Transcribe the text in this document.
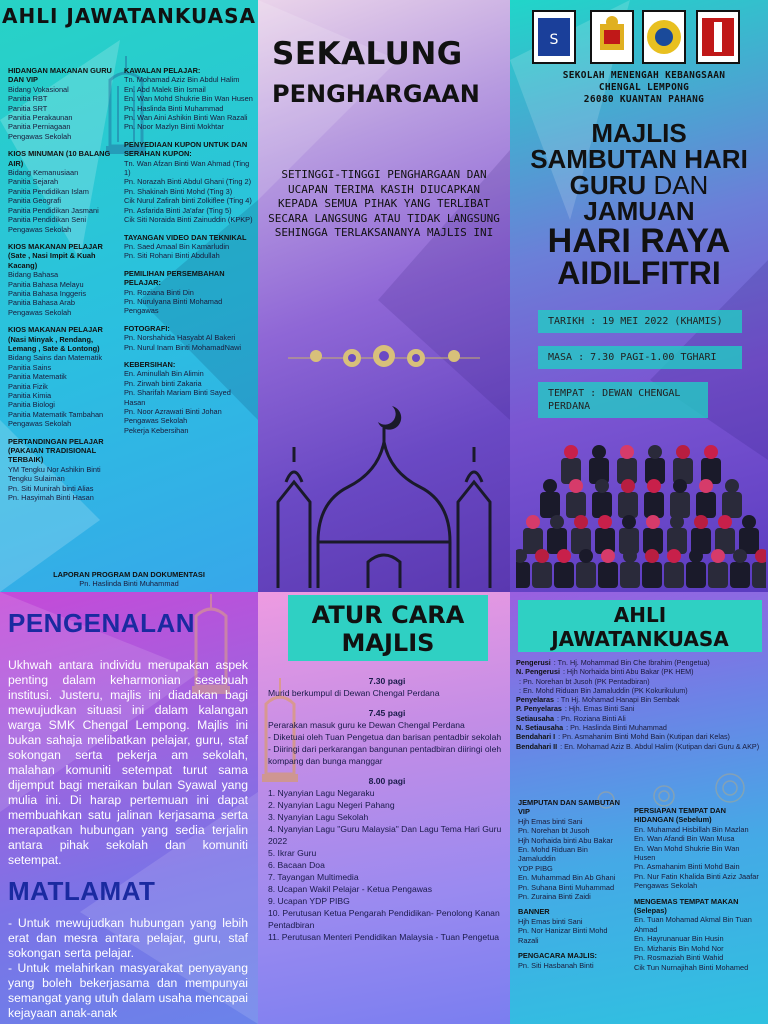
AHLI JAWATANKUASA
HIDANGAN MAKANAN GURU DAN VIP
Bidang Vokasional
Panitia RBT
Panitia SRT
Panitia Perakaunan
Panitia Perniagaan
Pengawas Sekolah
KIOS MINUMAN (10 BALANG AIR)
Bidang Kemanusiaan
Panitia Sejarah
Panitia Pendidikan Islam
Panitia Geografi
Panitia Pendidikan Jasmani
Panitia Pendidikan Seni
Pengawas Sekolah
KIOS MAKANAN PELAJAR (Sate , Nasi Impit & Kuah Kacang)
Bidang Bahasa
Panitia Bahasa Melayu
Panitia Bahasa Inggeris
Panitia Bahasa Arab
Pengawas Sekolah
KIOS MAKANAN PELAJAR (Nasi Minyak , Rendang, Lemang , Sate & Lontong)
Bidang Sains dan Matematik
Panitia Sains
Panitia Matematik
Panitia Fizik
Panitia Kimia
Panitia Biologi
Panitia Matematik Tambahan
Pengawas Sekolah
PERTANDINGAN PELAJAR (PAKAIAN TRADISIONAL TERBAIK)
YM Tengku Nor Ashikin Binti Tengku Sulaiman
Pn. Siti Munirah binti Alias
Pn. Hasyimah Binti Hasan
KAWALAN PELAJAR:
Tn. Mohamad Aziz Bin Abdul Halim
En. Abd Malek Bin Ismail
En. Wan Mohd Shukrie Bin Wan Husen
Pn. Haslinda Binti Muhammad
Pn. Wan Aini Ashikin Binti Wan Razali
Pn. Noor Mazlyn Binti Mokhtar
PENYEDIAAN KUPON UNTUK DAN SERAHAN KUPON:
Tn. Wan Afzan Binti Wan Ahmad (Ting 1)
Pn. Norazah Binti Abdul Ghani (Ting 2)
Pn. Shakinah Binti Mohd (Ting 3)
Cik Nurul Zafirah binti Zolkiflee (Ting 4)
Pn. Asfarida Binti Ja'afar (Ting 5)
Cik Siti Noraida Binti Zainuddin (KPKP)
TAYANGAN VIDEO DAN TEKNIKAL
Pn. Saed Amaal Bin Kamarludin
Pn. Siti Rohani Binti Abdullah
PEMILIHAN PERSEMBAHAN PELAJAR:
Pn. Roziana Binti Din
Pn. Nurulyana Binti Mohamad
Pengawas
FOTOGRAFI:
Pn. Norshahida Hasyabt Al Bakeri
Pn. Nurul Inam Binti MohamadNawi
KEBERSIHAN:
En. Aminullah Bin Alimin
Pn. Zirwah binti Zakaria
Pn. Sharifah Mariam Binti Sayed Hasan
Pn. Noor Azrawati Binti Johan
Pengawas Sekolah
Pekerja Kebersihan
LAPORAN PROGRAM DAN DOKUMENTASI
Pn. Haslinda Binti Muhammad
SEKALUNG
PENGHARGAAN
SETINGGI-TINGGI PENGHARGAAN DAN UCAPAN TERIMA KASIH DIUCAPKAN KEPADA SEMUA PIHAK YANG TERLIBAT SECARA LANGSUNG ATAU TIDAK LANGSUNG SEHINGGA TERLAKSANANYA MAJLIS INI
S
SEKOLAH MENENGAH KEBANGSAAN
CHENGAL LEMPONG
26080 KUANTAN PAHANG
MAJLIS
SAMBUTAN HARI
GURU DAN
JAMUAN
HARI RAYA
AIDILFITRI
TARIKH : 19 MEI 2022 (KHAMIS)
MASA : 7.30 PAGI-1.00 TGHARI
TEMPAT : DEWAN CHENGAL PERDANA
PENGENALAN
Ukhwah antara individu merupakan aspek penting dalam keharmonian sesebuah institusi. Justeru, majlis ini diadakan bagi mewujudkan situasi ini dalam kalangan warga SMK Chengal Lempong. Majlis ini bukan sahaja melibatkan pelajar, guru, staf sokongan serta pekerja am sekolah, malahan komuniti setempat turut sama dijemput bagi meraikan bulan Syawal yang mulia ini. Di harap pertemuan ini dapat membuahkan satu jalinan kerjasama serta merapatkan hubungan yang sedia terjalin antara pihak sekolah dan komuniti setempat.
MATLAMAT
- Untuk mewujudkan hubungan yang lebih erat dan mesra antara pelajar, guru, staf sokongan serta pelajar.
- Untuk melahirkan masyarakat penyayang yang boleh bekerjasama dan mempunyai semangat yang utuh dalam usaha mencapai kejayaan anak-anak
ATUR CARA
MAJLIS
7.30 pagi
Murid berkumpul di Dewan Chengal Perdana
7.45 pagi
Perarakan masuk guru ke Dewan Chengal Perdana
- Diketuai oleh Tuan Pengetua dan barisan pentadbir sekolah
- Diiringi dari perkarangan bangunan pentadbiran diiringi oleh kompang dan bunga manggar
8.00 pagi
1. Nyanyian Lagu Negaraku
2. Nyanyian Lagu Negeri Pahang
3. Nyanyian Lagu Sekolah
4. Nyanyian Lagu "Guru Malaysia" Dan Lagu Tema Hari Guru 2022
5. Ikrar Guru
6. Bacaan Doa
7. Tayangan Multimedia
8. Ucapan Wakil Pelajar - Ketua Pengawas
9. Ucapan YDP PIBG
10. Perutusan Ketua Pengarah Pendidikan- Penolong Kanan Pentadbiran
11. Perutusan Menteri Pendidikan Malaysia - Tuan Pengetua
AHLI
JAWATANKUASA
Pengerusi : Tn. Hj. Mohammad Bin Che Ibrahim (Pengetua)
N. Pengerusi : Hjh Norhaida binti Abu Bakar (PK HEM)
: Pn. Norehan bt Jusoh (PK Pentadbiran)
: En. Mohd Riduan Bin Jamaluddin (PK Kokurikulum)
Penyelaras : Tn Hj. Mohamad Hanapi Bin Sembak
P. Penyelaras : Hjh. Emas Binti Sani
Setiausaha : Pn. Roziana Binti Ali
N. Setiausaha : Pn. Haslinda Binti Muhammad
Bendahari I : Pn. Asmahanim Binti Mohd Bain (Kutipan dari Kelas)
Bendahari II : En. Mohamad Aziz B. Abdul Halim (Kutipan dari Guru & AKP)
JEMPUTAN DAN SAMBUTAN VIP
Hjh Emas binti Sani
Pn. Norehan bt Jusoh
Hjh Norhaida binti Abu Bakar
En. Mohd Riduan Bin Jamaluddin
YDP PIBG
En. Muhammad Bin Ab Ghani
Pn. Suhana Binti Muhammad
Pn. Zuraina Binti Zaidi
BANNER
Hjh Emas binti Sani
Pn. Nor Hanizar Binti Mohd Razali
PENGACARA MAJLIS:
Pn. Siti Hasbanah Binti
PERSIAPAN TEMPAT DAN HIDANGAN (Sebelum)
En. Muhamad Hisbillah Bin Mazlan
En. Wan Afandi Bin Wan Musa
En. Wan Mohd Shukrie Bin Wan Husen
Pn. Asmahanim Binti Mohd Bain
Pn. Nur Fatin Khalida Binti Aziz Jaafar
Pengawas Sekolah
MENGEMAS TEMPAT MAKAN (Selepas)
En. Tuan Mohamad Akmal Bin Tuan Ahmad
En. Hayrunanuar Bin Husin
En. Mizhanis Bin Mohd Nor
Pn. Rosmaziah Binti Wahid
Cik Tun Nurnajihah Binti Mohamed
